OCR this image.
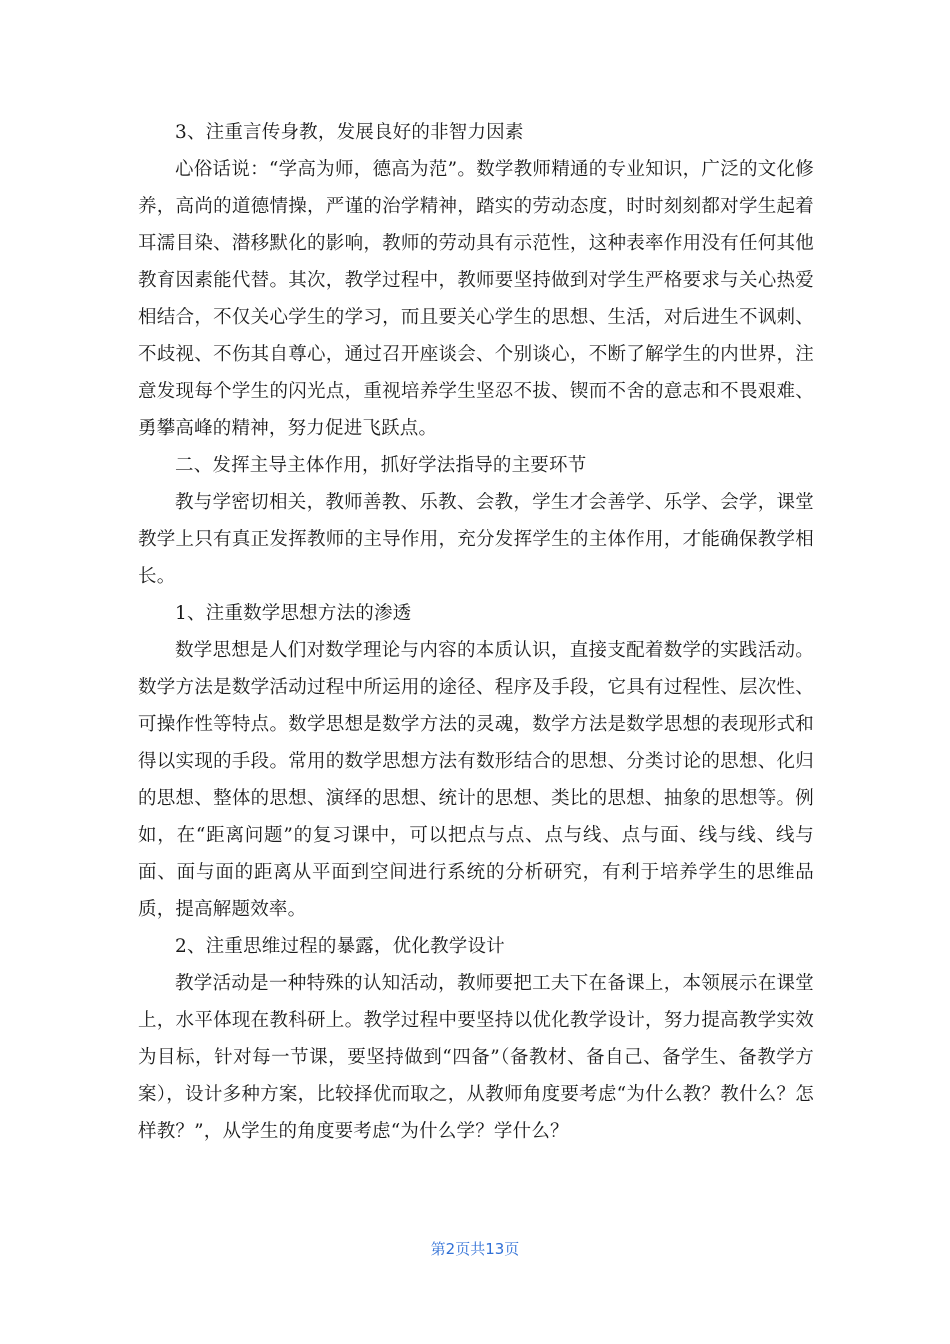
3、注重言传身教，发展良好的非智力因素

心俗话说：“学高为师，德高为范”。数学教师精通的专业知识，广泛的文化修养，高尚的道德情操，严谨的治学精神，踏实的劳动态度，时时刻刻都对学生起着耳濡目染、潜移默化的影响，教师的劳动具有示范性，这种表率作用没有任何其他教育因素能代替。其次，教学过程中，教师要坚持做到对学生严格要求与关心热爱相结合，不仅关心学生的学习，而且要关心学生的思想、生活，对后进生不讽刺、不歧视、不伤其自尊心，通过召开座谈会、个别谈心，不断了解学生的内世界，注意发现每个学生的闪光点，重视培养学生坚忍不拔、锲而不舍的意志和不畏艰难、勇攀高峰的精神，努力促进飞跃点。

二、发挥主导主体作用，抓好学法指导的主要环节

教与学密切相关，教师善教、乐教、会教，学生才会善学、乐学、会学，课堂教学上只有真正发挥教师的主导作用，充分发挥学生的主体作用，才能确保教学相长。

1、注重数学思想方法的渗透

数学思想是人们对数学理论与内容的本质认识，直接支配着数学的实践活动。数学方法是数学活动过程中所运用的途径、程序及手段，它具有过程性、层次性、可操作性等特点。数学思想是数学方法的灵魂，数学方法是数学思想的表现形式和得以实现的手段。常用的数学思想方法有数形结合的思想、分类讨论的思想、化归的思想、整体的思想、演绎的思想、统计的思想、类比的思想、抽象的思想等。例如，在“距离问题”的复习课中，可以把点与点、点与线、点与面、线与线、线与面、面与面的距离从平面到空间进行系统的分析研究，有利于培养学生的思维品质，提高解题效率。

2、注重思维过程的暴露，优化教学设计

教学活动是一种特殊的认知活动，教师要把工夫下在备课上，本领展示在课堂上，水平体现在教科研上。教学过程中要坚持以优化教学设计，努力提高教学实效为目标，针对每一节课，要坚持做到“四备”（备教材、备自己、备学生、备教学方案），设计多种方案，比较择优而取之，从教师角度要考虑“为什么教？教什么？怎样教？”，从学生的角度要考虑“为什么学？学什么？

第2页共13页
